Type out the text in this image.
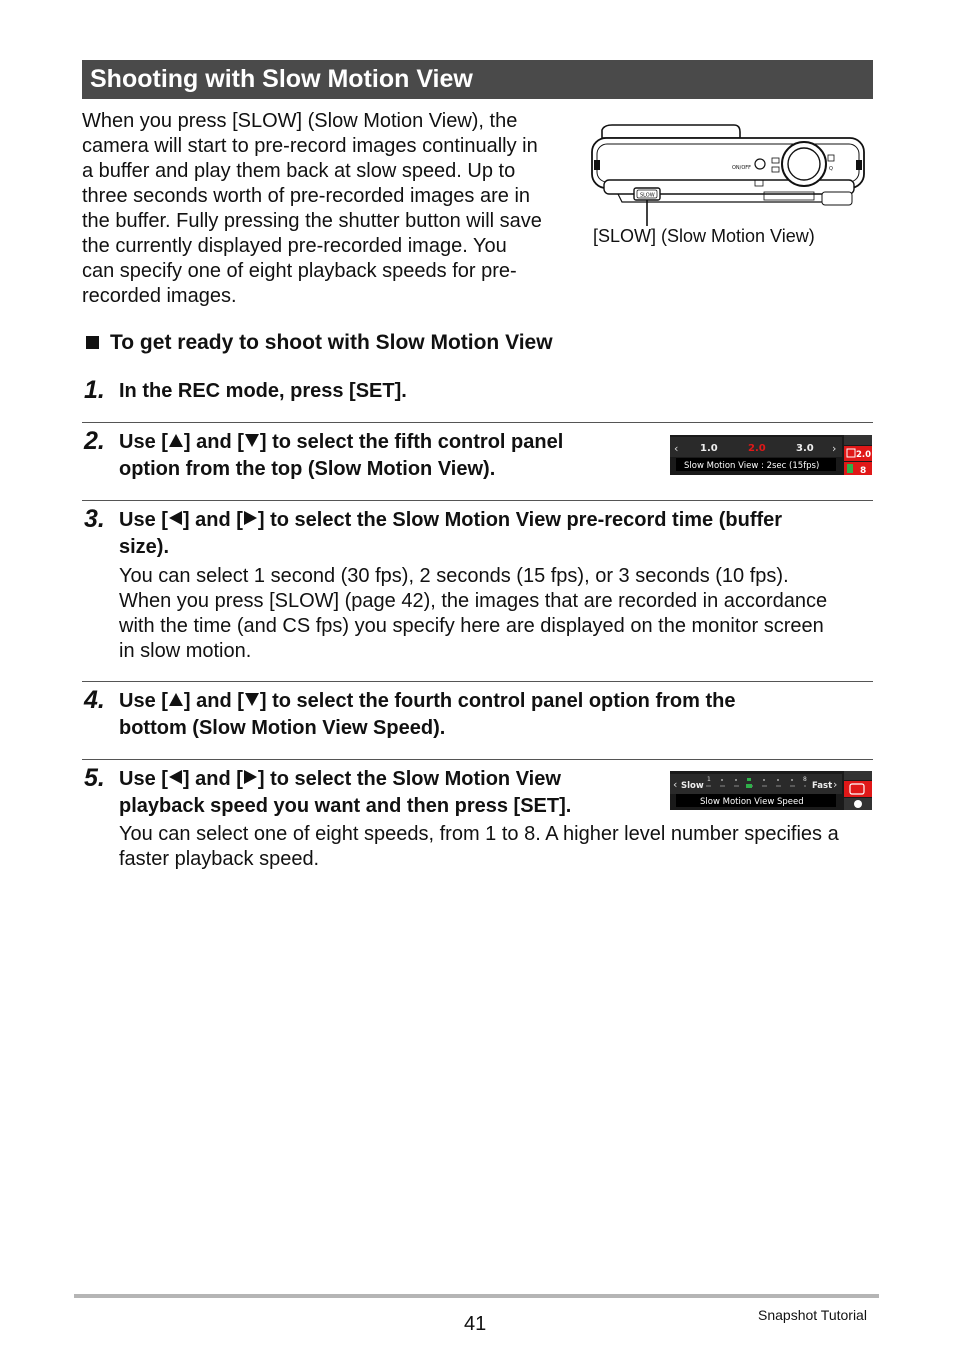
Shooting with Slow Motion View
When you press [SLOW] (Slow Motion View), the
camera will start to pre-record images continually in
a buffer and play them back at slow speed. Up to
three seconds worth of pre-recorded images are in
the buffer. Fully pressing the shutter button will save
the currently displayed pre-recorded image. You
can specify one of eight playback speeds for pre-
recorded images.
ON/OFF	Q
SLOW
[SLOW] (Slow Motion View)
To get ready to shoot with Slow Motion View
1. In the REC mode, press [SET].
2. Use [ ] and [ ] to select the fifth control panel
option from the top (Slow Motion View).
‹ 1.0	2.0	3.0 ›
Slow Motion View : 2sec (15fps)
2.0
8
3. Use [ ] and [ ] to select the Slow Motion View pre-record time (buffer
size).
You can select 1 second (30 fps), 2 seconds (15 fps), or 3 seconds (10 fps).
When you press [SLOW] (page 42), the images that are recorded in accordance
with the time (and CS fps) you specify here are displayed on the monitor screen
in slow motion.
4. Use [ ] and [ ] to select the fourth control panel option from the
bottom (Slow Motion View Speed).
5. Use [ ] and [ ] to select the Slow Motion View
playback speed you want and then press [SET].
‹ Slow
1	8
Fast ›
Slow Motion View Speed
You can select one of eight speeds, from 1 to 8. A higher level number specifies a
faster playback speed.
41	Snapshot Tutorial
